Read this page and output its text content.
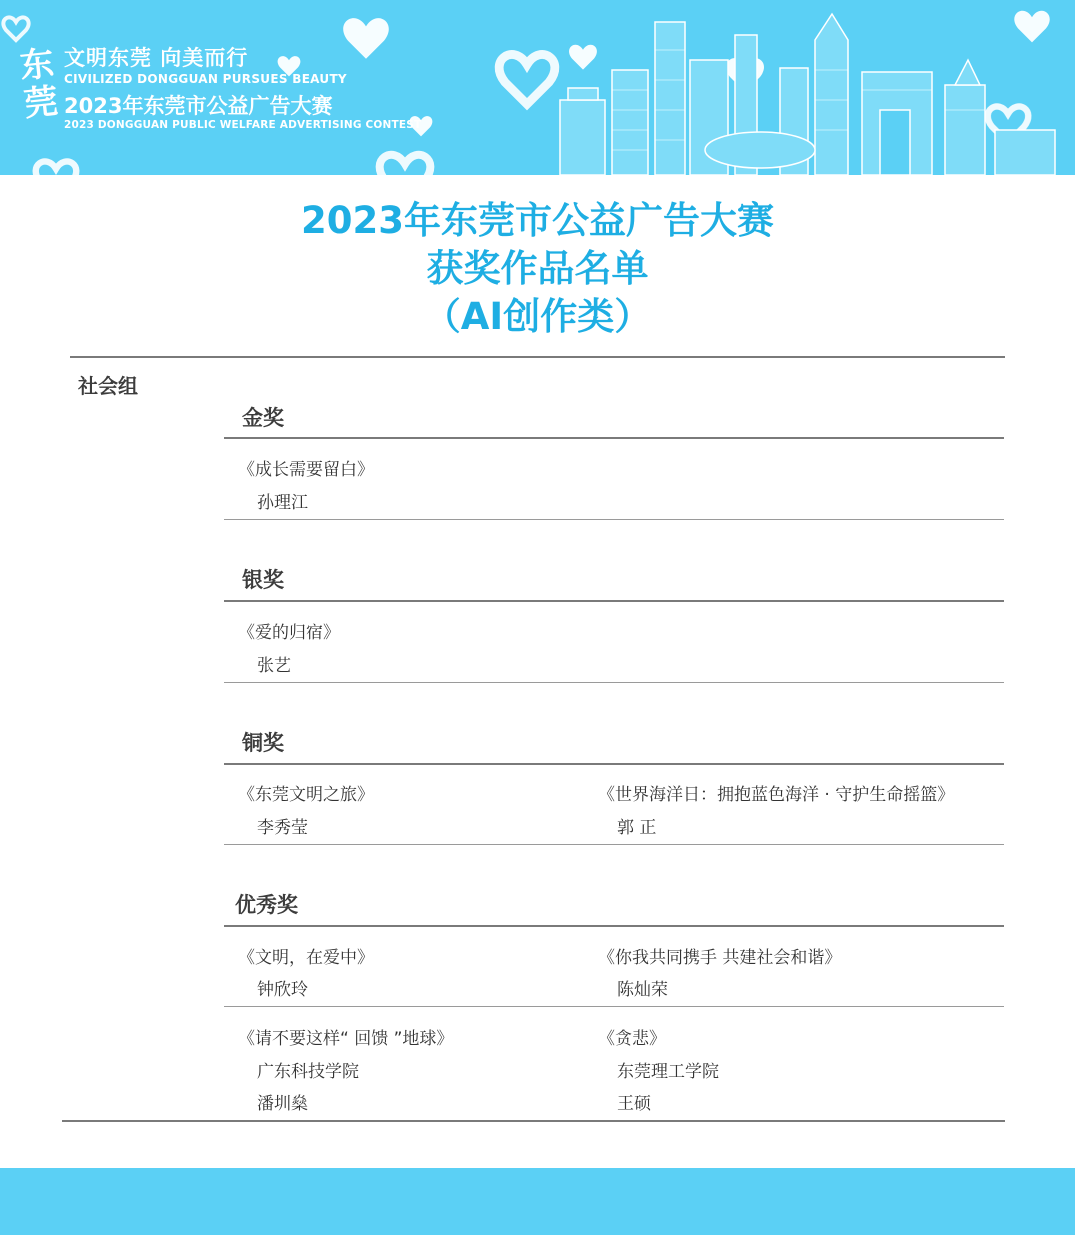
东莞
文明东莞 向美而行
CIVILIZED DONGGUAN PURSUES BEAUTY
2023年东莞市公益广告大赛
2023 DONGGUAN PUBLIC WELFARE ADVERTISING CONTEST
2023年东莞市公益广告大赛
获奖作品名单
（AI创作类）
社会组
金奖
《成长需要留白》
孙理江
银奖
《爱的归宿》
张艺
铜奖
《东莞文明之旅》
李秀莹
《世界海洋日：拥抱蓝色海洋 · 守护生命摇篮》
郭 正
优秀奖
《文明，在爱中》
钟欣玲
《你我共同携手 共建社会和谐》
陈灿荣
《请不要这样“ 回馈 ”地球》
广东科技学院
潘圳燊
《贪悲》
东莞理工学院
王硕
